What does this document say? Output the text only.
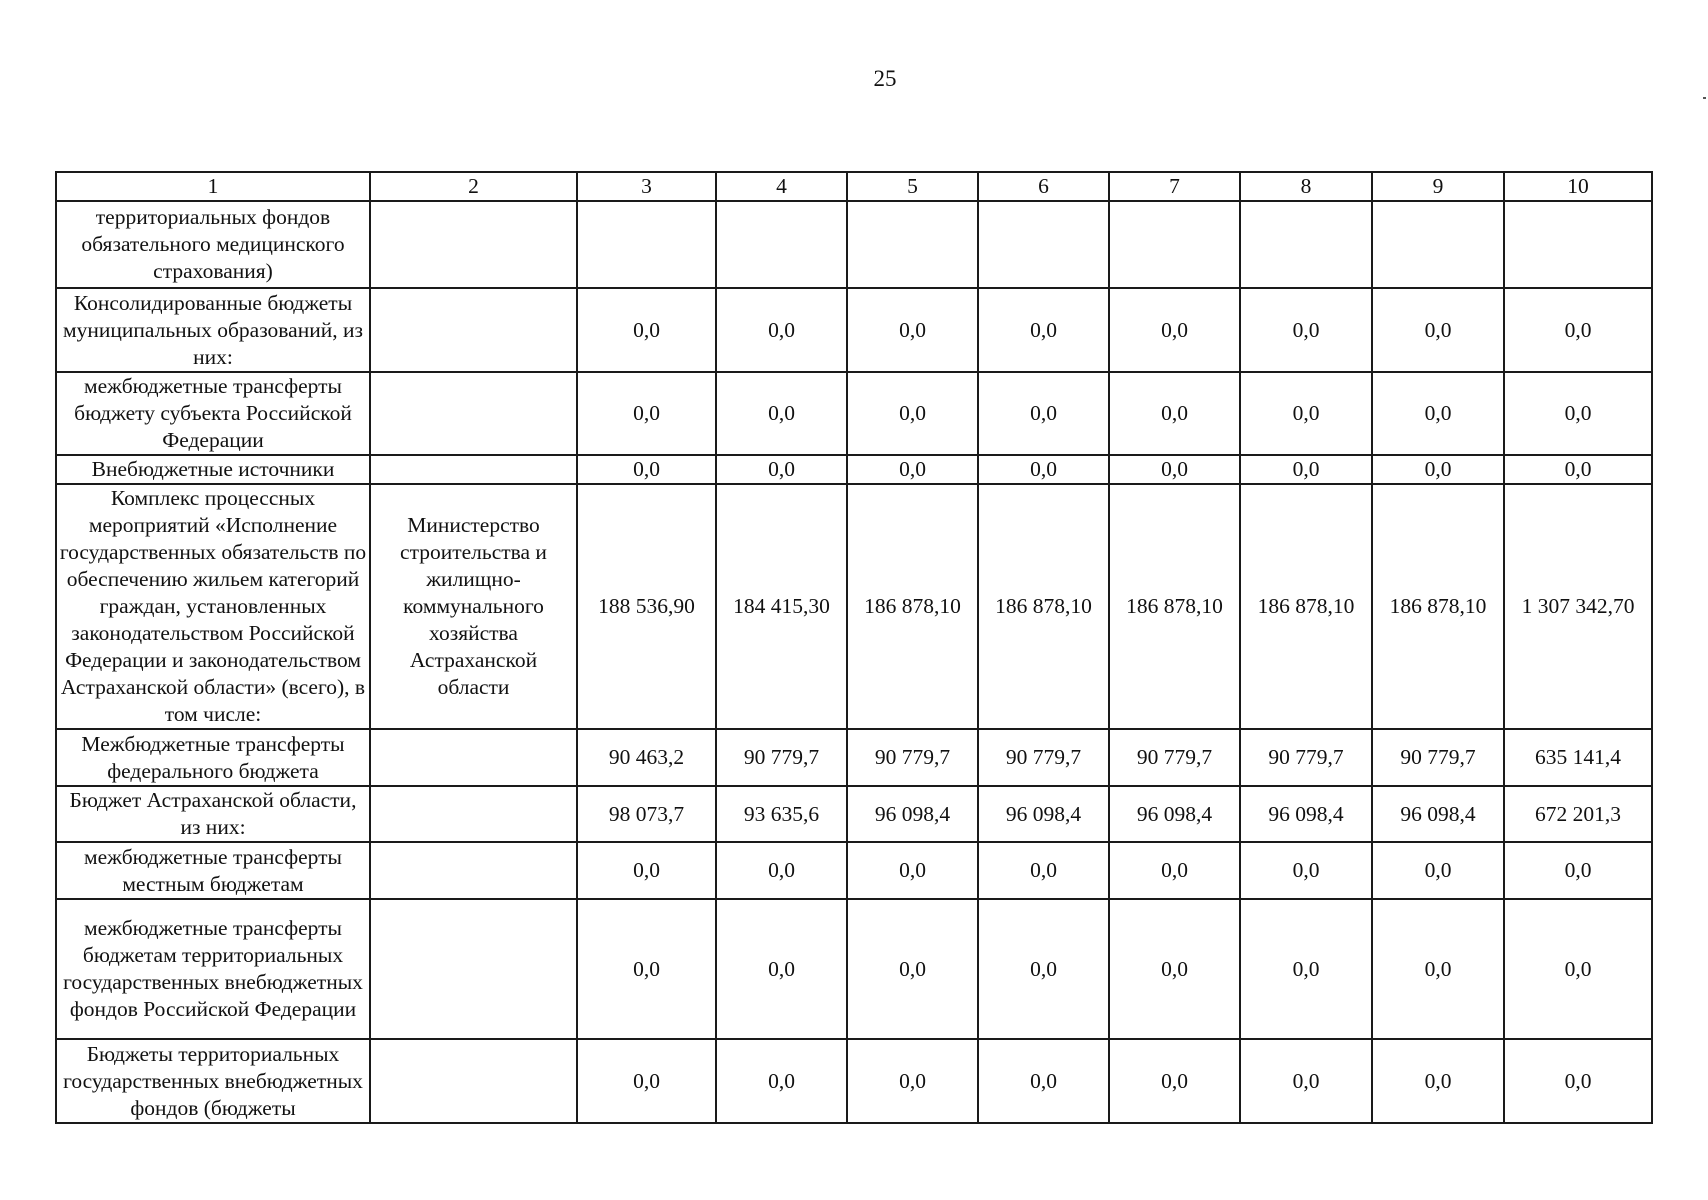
25
1	2	3	4	5	6	7	8	9	10
территориальных фондов обязательного медицинского страхования)									
Консолидированные бюджеты муниципальных образований, из них:		0,0	0,0	0,0	0,0	0,0	0,0	0,0	0,0
межбюджетные трансферты бюджету субъекта Российской Федерации		0,0	0,0	0,0	0,0	0,0	0,0	0,0	0,0
Внебюджетные источники		0,0	0,0	0,0	0,0	0,0	0,0	0,0	0,0
Комплекс процессных мероприятий «Исполнение государственных обязательств по обеспечению жильем категорий граждан, установленных законодательством Российской Федерации и законодательством Астраханской области» (всего), в том числе:	Министерство строительства и жилищно-коммунального хозяйства Астраханской области	188 536,90	184 415,30	186 878,10	186 878,10	186 878,10	186 878,10	186 878,10	1 307 342,70
Межбюджетные трансферты федерального бюджета		90 463,2	90 779,7	90 779,7	90 779,7	90 779,7	90 779,7	90 779,7	635 141,4
Бюджет Астраханской области, из них:		98 073,7	93 635,6	96 098,4	96 098,4	96 098,4	96 098,4	96 098,4	672 201,3
межбюджетные трансферты местным бюджетам		0,0	0,0	0,0	0,0	0,0	0,0	0,0	0,0
межбюджетные трансферты бюджетам территориальных государственных внебюджетных фондов Российской Федерации		0,0	0,0	0,0	0,0	0,0	0,0	0,0	0,0
Бюджеты территориальных государственных внебюджетных фондов (бюджеты		0,0	0,0	0,0	0,0	0,0	0,0	0,0	0,0
